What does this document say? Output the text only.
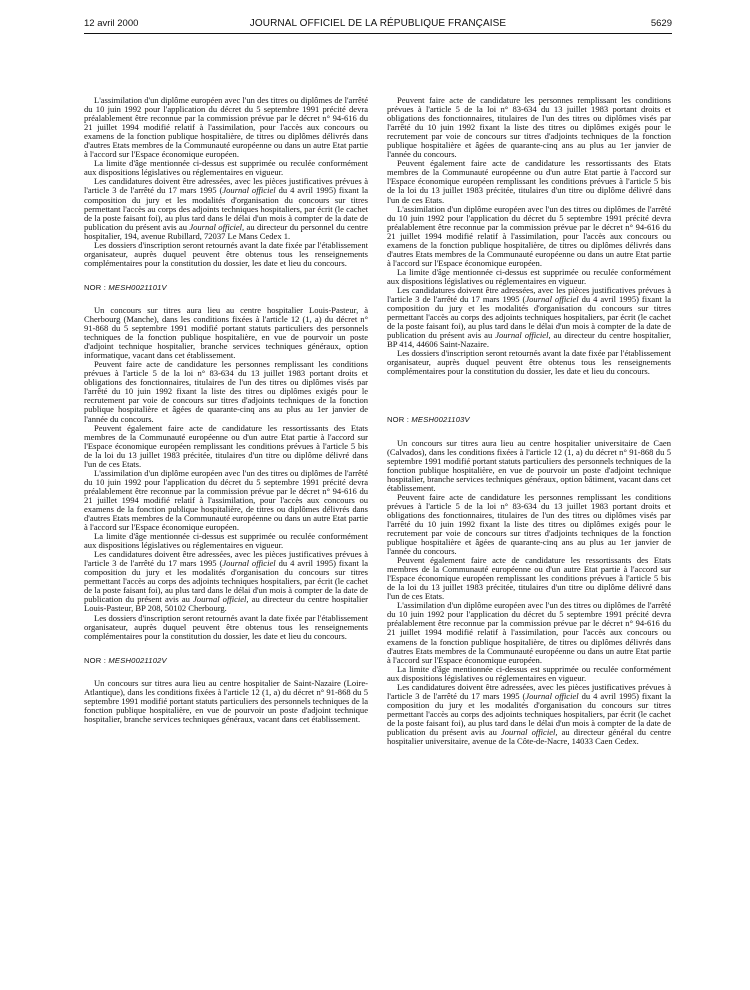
12 avril 2000	JOURNAL OFFICIEL DE LA RÉPUBLIQUE FRANÇAISE	5629

L'assimilation d'un diplôme européen avec l'un des titres ou diplômes de l'arrêté du 10 juin 1992 pour l'application du décret du 5 septembre 1991 précité devra préalablement être reconnue par la commission prévue par le décret n° 94-616 du 21 juillet 1994 modifié relatif à l'assimilation, pour l'accès aux concours ou examens de la fonction publique hospitalière, de titres ou diplômes délivrés dans d'autres Etats membres de la Communauté européenne ou dans un autre Etat partie à l'accord sur l'Espace économique européen.

La limite d'âge mentionnée ci-dessus est supprimée ou reculée conformément aux dispositions législatives ou réglementaires en vigueur.

Les candidatures doivent être adressées, avec les pièces justificatives prévues à l'article 3 de l'arrêté du 17 mars 1995 (Journal officiel du 4 avril 1995) fixant la composition du jury et les modalités d'organisation du concours sur titres permettant l'accès au corps des adjoints techniques hospitaliers, par écrit (le cachet de la poste faisant foi), au plus tard dans le délai d'un mois à compter de la date de publication du présent avis au Journal officiel, au directeur du personnel du centre hospitalier, 194, avenue Rubillard, 72037 Le Mans Cedex 1.

Les dossiers d'inscription seront retournés avant la date fixée par l'établissement organisateur, auprès duquel peuvent être obtenus tous les renseignements complémentaires pour la constitution du dossier, les date et lieu du concours.

NOR : MESH0021101V

Un concours sur titres aura lieu au centre hospitalier Louis-Pasteur, à Cherbourg (Manche), dans les conditions fixées à l'article 12 (1, a) du décret n° 91-868 du 5 septembre 1991 modifié portant statuts particuliers des personnels techniques de la fonction publique hospitalière, en vue de pourvoir un poste d'adjoint technique hospitalier, branche services techniques généraux, option informatique, vacant dans cet établissement.

Peuvent faire acte de candidature les personnes remplissant les conditions prévues à l'article 5 de la loi n° 83-634 du 13 juillet 1983 portant droits et obligations des fonctionnaires, titulaires de l'un des titres ou diplômes visés par l'arrêté du 10 juin 1992 fixant la liste des titres ou diplômes exigés pour le recrutement par voie de concours sur titres d'adjoints techniques de la fonction publique hospitalière et âgées de quarante-cinq ans au plus au 1er janvier de l'année du concours.

Peuvent également faire acte de candidature les ressortissants des Etats membres de la Communauté européenne ou d'un autre Etat partie à l'accord sur l'Espace économique européen remplissant les conditions prévues à l'article 5 bis de la loi du 13 juillet 1983 précitée, titulaires d'un titre ou diplôme délivré dans l'un de ces Etats.

L'assimilation d'un diplôme européen avec l'un des titres ou diplômes de l'arrêté du 10 juin 1992 pour l'application du décret du 5 septembre 1991 précité devra préalablement être reconnue par la commission prévue par le décret n° 94-616 du 21 juillet 1994 modifié relatif à l'assimilation, pour l'accès aux concours ou examens de la fonction publique hospitalière, de titres ou diplômes délivrés dans d'autres Etats membres de la Communauté européenne ou dans un autre Etat partie à l'accord sur l'Espace économique européen.

La limite d'âge mentionnée ci-dessus est supprimée ou reculée conformément aux dispositions législatives ou réglementaires en vigueur.

Les candidatures doivent être adressées, avec les pièces justificatives prévues à l'article 3 de l'arrêté du 17 mars 1995 (Journal officiel du 4 avril 1995) fixant la composition du jury et les modalités d'organisation du concours sur titres permettant l'accès au corps des adjoints techniques hospitaliers, par écrit (le cachet de la poste faisant foi), au plus tard dans le délai d'un mois à compter de la date de publication du présent avis au Journal officiel, au directeur du centre hospitalier Louis-Pasteur, BP 208, 50102 Cherbourg.

Les dossiers d'inscription seront retournés avant la date fixée par l'établissement organisateur, auprès duquel peuvent être obtenus tous les renseignements complémentaires pour la constitution du dossier, les date et lieu du concours.

NOR : MESH0021102V

Un concours sur titres aura lieu au centre hospitalier de Saint-Nazaire (Loire-Atlantique), dans les conditions fixées à l'article 12 (1, a) du décret n° 91-868 du 5 septembre 1991 modifié portant statuts particuliers des personnels techniques de la fonction publique hospitalière, en vue de pourvoir un poste d'adjoint technique hospitalier, branche services techniques généraux, vacant dans cet établissement.

Peuvent faire acte de candidature les personnes remplissant les conditions prévues à l'article 5 de la loi n° 83-634 du 13 juillet 1983 portant droits et obligations des fonctionnaires, titulaires de l'un des titres ou diplômes visés par l'arrêté du 10 juin 1992 fixant la liste des titres ou diplômes exigés pour le recrutement par voie de concours sur titres d'adjoints techniques de la fonction publique hospitalière et âgées de quarante-cinq ans au plus au 1er janvier de l'année du concours.

Peuvent également faire acte de candidature les ressortissants des Etats membres de la Communauté européenne ou d'un autre Etat partie à l'accord sur l'Espace économique européen remplissant les conditions prévues à l'article 5 bis de la loi du 13 juillet 1983 précitée, titulaires d'un titre ou diplôme délivré dans l'un de ces Etats.

L'assimilation d'un diplôme européen avec l'un des titres ou diplômes de l'arrêté du 10 juin 1992 pour l'application du décret du 5 septembre 1991 précité devra préalablement être reconnue par la commission prévue par le décret n° 94-616 du 21 juillet 1994 modifié relatif à l'assimilation, pour l'accès aux concours ou examens de la fonction publique hospitalière, de titres ou diplômes délivrés dans d'autres Etats membres de la Communauté européenne ou dans un autre Etat partie à l'accord sur l'Espace économique européen.

La limite d'âge mentionnée ci-dessus est supprimée ou reculée conformément aux dispositions législatives ou réglementaires en vigueur.

Les candidatures doivent être adressées, avec les pièces justificatives prévues à l'article 3 de l'arrêté du 17 mars 1995 (Journal officiel du 4 avril 1995) fixant la composition du jury et les modalités d'organisation du concours sur titres permettant l'accès au corps des adjoints techniques hospitaliers, par écrit (le cachet de la poste faisant foi), au plus tard dans le délai d'un mois à compter de la date de publication du présent avis au Journal officiel, au directeur du centre hospitalier, BP 414, 44606 Saint-Nazaire.

Les dossiers d'inscription seront retournés avant la date fixée par l'établissement organisateur, auprès duquel peuvent être obtenus tous les renseignements complémentaires pour la constitution du dossier, les date et lieu du concours.

NOR : MESH0021103V

Un concours sur titres aura lieu au centre hospitalier universitaire de Caen (Calvados), dans les conditions fixées à l'article 12 (1, a) du décret n° 91-868 du 5 septembre 1991 modifié portant statuts particuliers des personnels techniques de la fonction publique hospitalière, en vue de pourvoir un poste d'adjoint technique hospitalier, branche services techniques généraux, option bâtiment, vacant dans cet établissement.

Peuvent faire acte de candidature les personnes remplissant les conditions prévues à l'article 5 de la loi n° 83-634 du 13 juillet 1983 portant droits et obligations des fonctionnaires, titulaires de l'un des titres ou diplômes visés par l'arrêté du 10 juin 1992 fixant la liste des titres ou diplômes exigés pour le recrutement par voie de concours sur titres d'adjoints techniques de la fonction publique hospitalière et âgées de quarante-cinq ans au plus au 1er janvier de l'année du concours.

Peuvent également faire acte de candidature les ressortissants des Etats membres de la Communauté européenne ou d'un autre Etat partie à l'accord sur l'Espace économique européen remplissant les conditions prévues à l'article 5 bis de la loi du 13 juillet 1983 précitée, titulaires d'un titre ou diplôme délivré dans l'un de ces Etats.

L'assimilation d'un diplôme européen avec l'un des titres ou diplômes de l'arrêté du 10 juin 1992 pour l'application du décret du 5 septembre 1991 précité devra préalablement être reconnue par la commission prévue par le décret n° 94-616 du 21 juillet 1994 modifié relatif à l'assimilation, pour l'accès aux concours ou examens de la fonction publique hospitalière, de titres ou diplômes délivrés dans d'autres Etats membres de la Communauté européenne ou dans un autre Etat partie à l'accord sur l'Espace économique européen.

La limite d'âge mentionnée ci-dessus est supprimée ou reculée conformément aux dispositions législatives ou réglementaires en vigueur.

Les candidatures doivent être adressées, avec les pièces justificatives prévues à l'article 3 de l'arrêté du 17 mars 1995 (Journal officiel du 4 avril 1995) fixant la composition du jury et les modalités d'organisation du concours sur titres permettant l'accès au corps des adjoints techniques hospitaliers, par écrit (le cachet de la poste faisant foi), au plus tard dans le délai d'un mois à compter de la date de publication du présent avis au Journal officiel, au directeur général du centre hospitalier universitaire, avenue de la Côte-de-Nacre, 14033 Caen Cedex.
